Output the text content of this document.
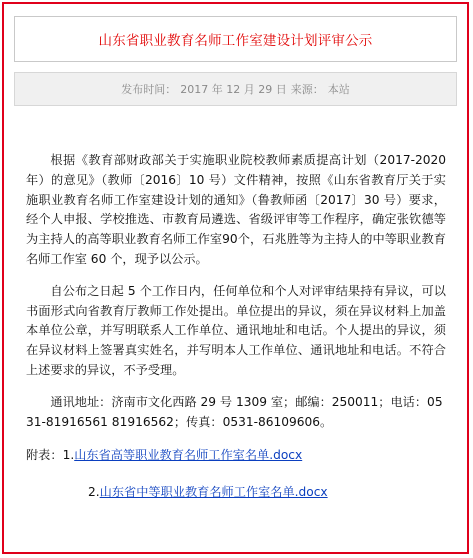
山东省职业教育名师工作室建设计划评审公示
发布时间： 2017 年 12 月 29 日 来源： 本站

根据《教育部财政部关于实施职业院校教师素质提高计划（2017-2020 年）的意见》（教师〔2016〕10 号）文件精神，按照《山东省教育厅关于实施职业教育名师工作室建设计划的通知》（鲁教师函〔2017〕30 号）要求，经个人申报、学校推选、市教育局遴选、省级评审等工作程序，确定张钦德等为主持人的高等职业教育名师工作室90个，石兆胜等为主持人的中等职业教育名师工作室 60 个，现予以公示。

自公布之日起 5 个工作日内，任何单位和个人对评审结果持有异议，可以书面形式向省教育厅教师工作处提出。单位提出的异议，须在异议材料上加盖本单位公章，并写明联系人工作单位、通讯地址和电话。个人提出的异议，须在异议材料上签署真实姓名，并写明本人工作单位、通讯地址和电话。不符合上述要求的异议，不予受理。

通讯地址：济南市文化西路 29 号 1309 室；邮编：250011；电话：0531-81916561 81916562；传真：0531-86109606。

附表：1.山东省高等职业教育名师工作室名单.docx

2.山东省中等职业教育名师工作室名单.docx
